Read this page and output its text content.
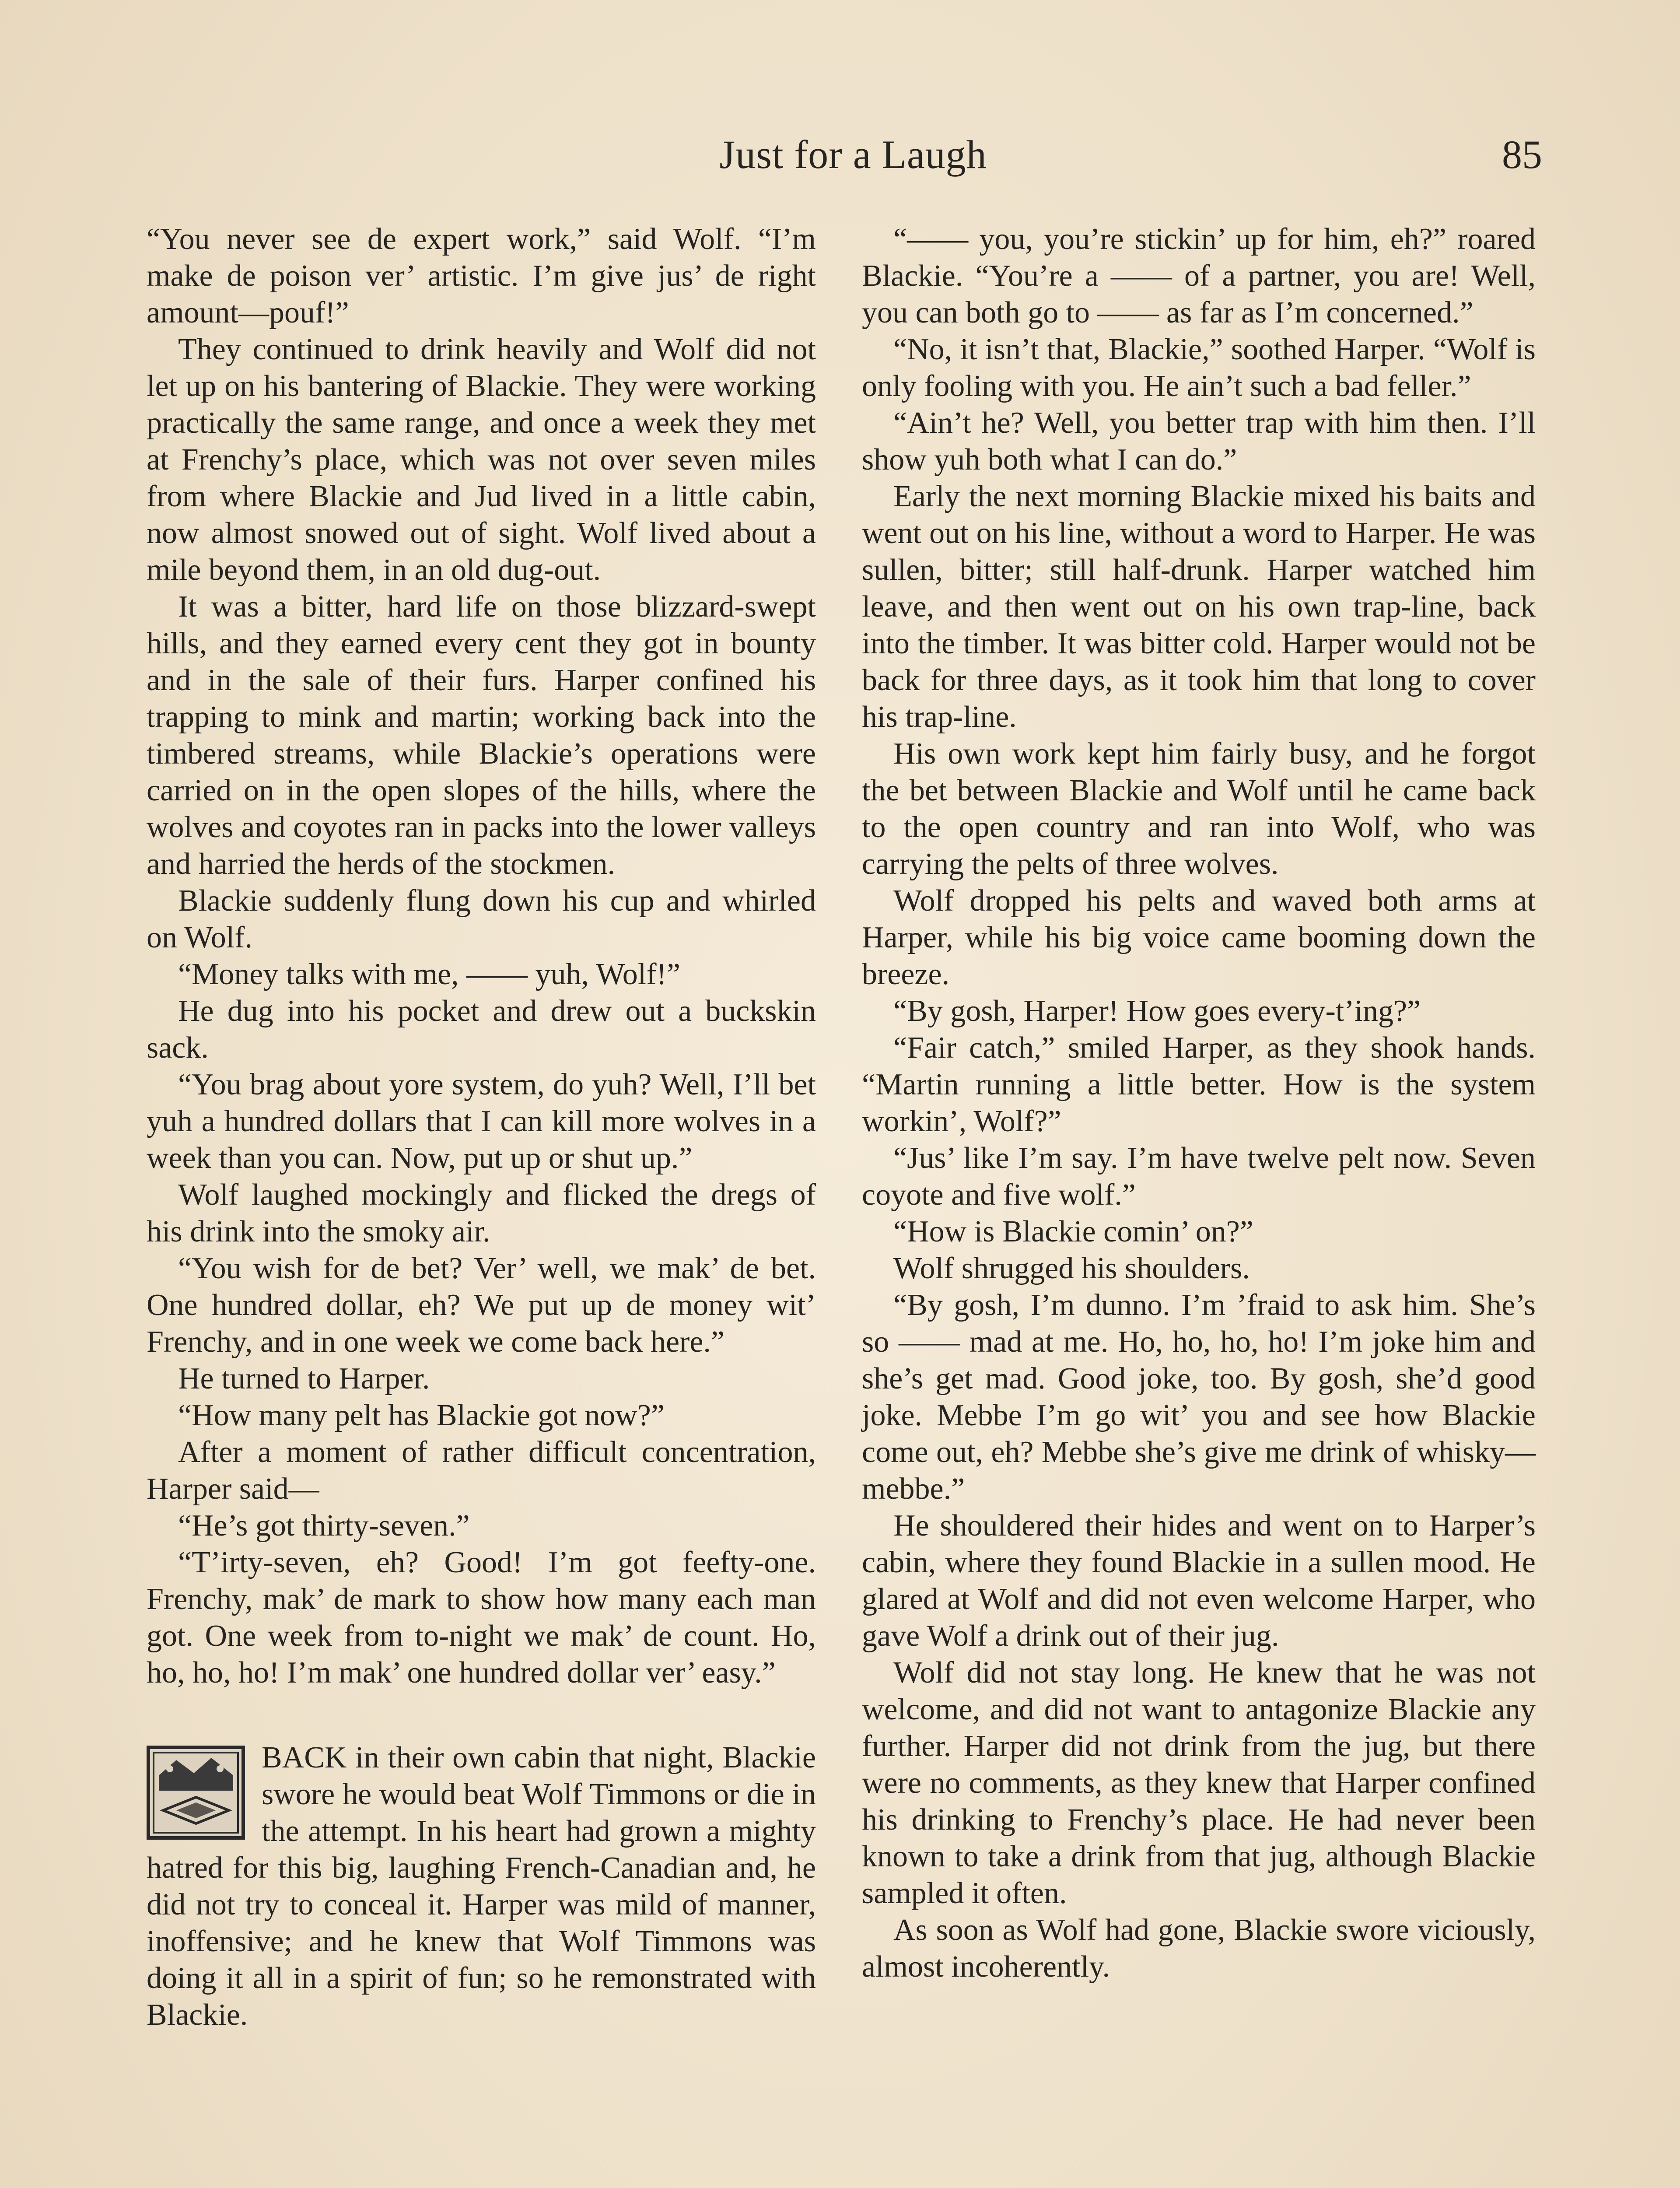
Just for a Laugh	85

“You never see de expert work,” said Wolf. “I’m make de poison ver’ artistic. I’m give jus’ de right amount—pouf!”

They continued to drink heavily and Wolf did not let up on his bantering of Blackie. They were working practically the same range, and once a week they met at Frenchy’s place, which was not over seven miles from where Blackie and Jud lived in a little cabin, now almost snowed out of sight. Wolf lived about a mile beyond them, in an old dug-out.

It was a bitter, hard life on those blizzard-swept hills, and they earned every cent they got in bounty and in the sale of their furs. Harper confined his trapping to mink and martin; working back into the timbered streams, while Blackie’s operations were carried on in the open slopes of the hills, where the wolves and coyotes ran in packs into the lower valleys and harried the herds of the stockmen.

Blackie suddenly flung down his cup and whirled on Wolf.

“Money talks with me, —— yuh, Wolf!”

He dug into his pocket and drew out a buckskin sack.

“You brag about yore system, do yuh? Well, I’ll bet yuh a hundred dollars that I can kill more wolves in a week than you can. Now, put up or shut up.”

Wolf laughed mockingly and flicked the dregs of his drink into the smoky air.

“You wish for de bet? Ver’ well, we mak’ de bet. One hundred dollar, eh? We put up de money wit’ Frenchy, and in one week we come back here.”

He turned to Harper.

“How many pelt has Blackie got now?”

After a moment of rather difficult concentration, Harper said—

“He’s got thirty-seven.”

“T’irty-seven, eh? Good! I’m got feefty-one. Frenchy, mak’ de mark to show how many each man got. One week from to-night we mak’ de count. Ho, ho, ho, ho! I’m mak’ one hundred dollar ver’ easy.”

BACK in their own cabin that night, Blackie swore he would beat Wolf Timmons or die in the attempt. In his heart had grown a mighty hatred for this big, laughing French-Canadian and, he did not try to conceal it. Harper was mild of manner, inoffensive; and he knew that Wolf Timmons was doing it all in a spirit of fun; so he remonstrated with Blackie.

“—— you, you’re stickin’ up for him, eh?” roared Blackie. “You’re a —— of a partner, you are! Well, you can both go to —— as far as I’m concerned.”

“No, it isn’t that, Blackie,” soothed Harper. “Wolf is only fooling with you. He ain’t such a bad feller.”

“Ain’t he? Well, you better trap with him then. I’ll show yuh both what I can do.”

Early the next morning Blackie mixed his baits and went out on his line, without a word to Harper. He was sullen, bitter; still half-drunk. Harper watched him leave, and then went out on his own trap-line, back into the timber. It was bitter cold. Harper would not be back for three days, as it took him that long to cover his trap-line.

His own work kept him fairly busy, and he forgot the bet between Blackie and Wolf until he came back to the open country and ran into Wolf, who was carrying the pelts of three wolves.

Wolf dropped his pelts and waved both arms at Harper, while his big voice came booming down the breeze.

“By gosh, Harper! How goes every-t’ing?”

“Fair catch,” smiled Harper, as they shook hands. “Martin running a little better. How is the system workin’, Wolf?”

“Jus’ like I’m say. I’m have twelve pelt now. Seven coyote and five wolf.”

“How is Blackie comin’ on?”

Wolf shrugged his shoulders.

“By gosh, I’m dunno. I’m ’fraid to ask him. She’s so —— mad at me. Ho, ho, ho, ho! I’m joke him and she’s get mad. Good joke, too. By gosh, she’d good joke. Mebbe I’m go wit’ you and see how Blackie come out, eh? Mebbe she’s give me drink of whisky—mebbe.”

He shouldered their hides and went on to Harper’s cabin, where they found Blackie in a sullen mood. He glared at Wolf and did not even welcome Harper, who gave Wolf a drink out of their jug.

Wolf did not stay long. He knew that he was not welcome, and did not want to antagonize Blackie any further. Harper did not drink from the jug, but there were no comments, as they knew that Harper confined his drinking to Frenchy’s place. He had never been known to take a drink from that jug, although Blackie sampled it often.

As soon as Wolf had gone, Blackie swore viciously, almost incoherently.
